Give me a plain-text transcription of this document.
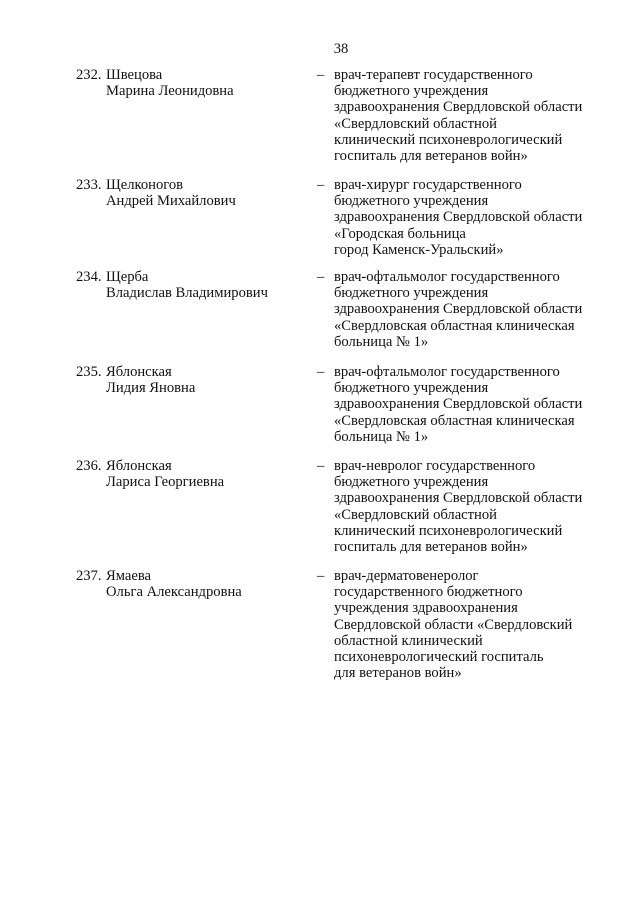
38
232. Швецова
Марина Леонидовна
– врач-терапевт государственного
бюджетного учреждения
здравоохранения Свердловской области
«Свердловский областной
клинический психоневрологический
госпиталь для ветеранов войн»
233. Щелконогов
Андрей Михайлович
– врач-хирург государственного
бюджетного учреждения
здравоохранения Свердловской области
«Городская больница
город Каменск-Уральский»
234. Щерба
Владислав Владимирович
– врач-офтальмолог государственного
бюджетного учреждения
здравоохранения Свердловской области
«Свердловская областная клиническая
больница № 1»
235. Яблонская
Лидия Яновна
– врач-офтальмолог государственного
бюджетного учреждения
здравоохранения Свердловской области
«Свердловская областная клиническая
больница № 1»
236. Яблонская
Лариса Георгиевна
– врач-невролог государственного
бюджетного учреждения
здравоохранения Свердловской области
«Свердловский областной
клинический психоневрологический
госпиталь для ветеранов войн»
237. Ямаева
Ольга Александровна
– врач-дерматовенеролог
государственного бюджетного
учреждения здравоохранения
Свердловской области «Свердловский
областной клинический
психоневрологический госпиталь
для ветеранов войн»
